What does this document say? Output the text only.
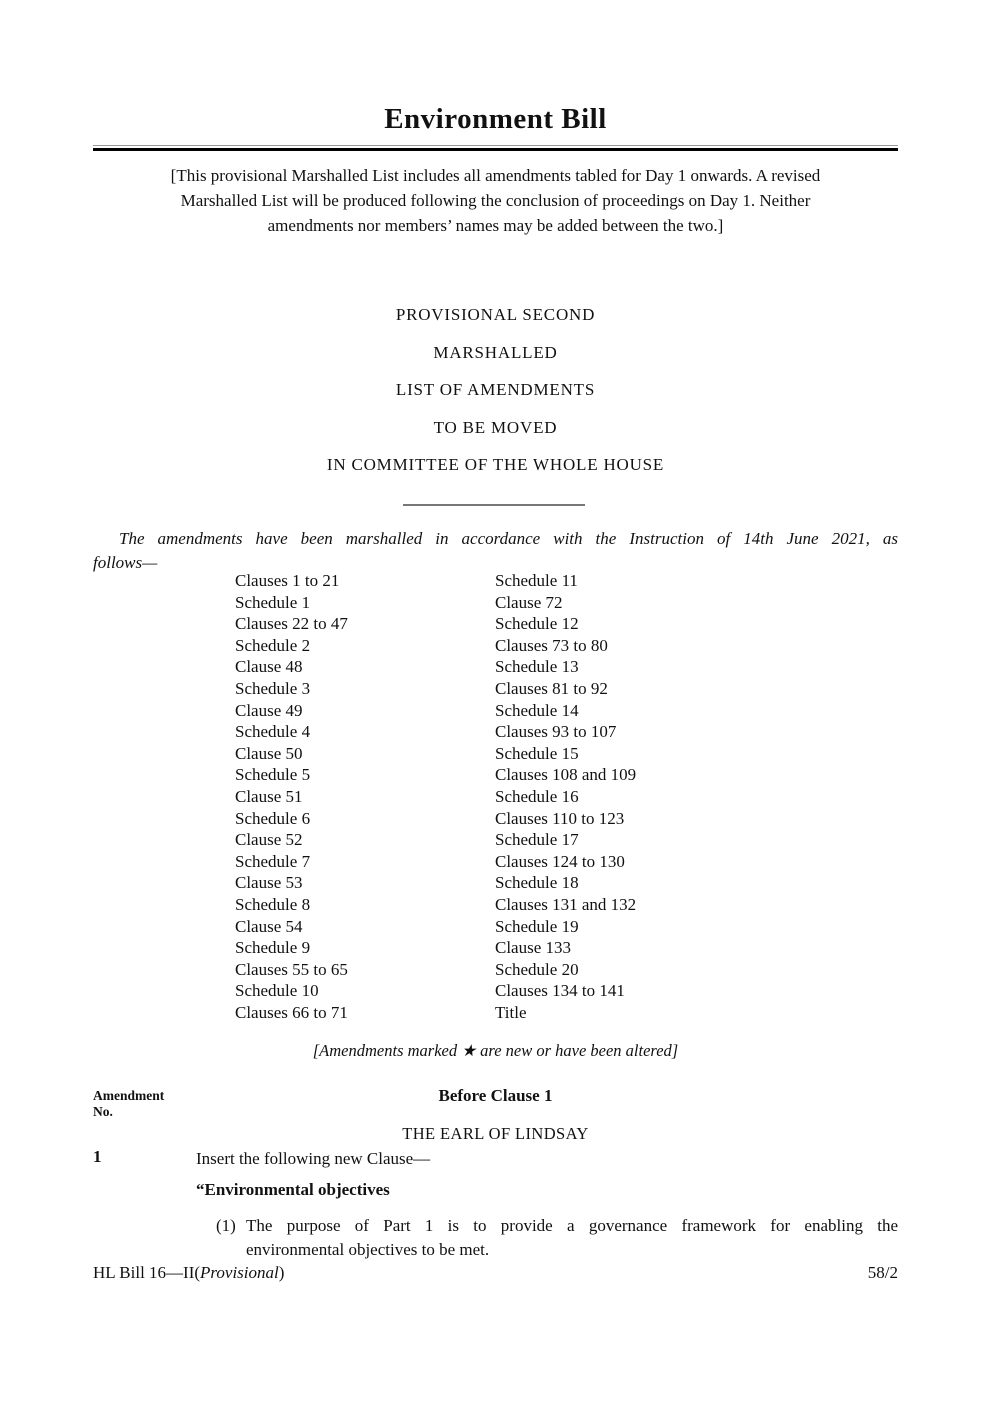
Environment Bill
[This provisional Marshalled List includes all amendments tabled for Day 1 onwards. A revised
Marshalled List will be produced following the conclusion of proceedings on Day 1. Neither
amendments nor members’ names may be added between the two.]
PROVISIONAL SECOND
MARSHALLED
LIST OF AMENDMENTS
TO BE MOVED
IN COMMITTEE OF THE WHOLE HOUSE
The amendments have been marshalled in accordance with the Instruction of 14th June 2021, as
follows—
Clauses 1 to 21
Schedule 1
Clauses 22 to 47
Schedule 2
Clause 48
Schedule 3
Clause 49
Schedule 4
Clause 50
Schedule 5
Clause 51
Schedule 6
Clause 52
Schedule 7
Clause 53
Schedule 8
Clause 54
Schedule 9
Clauses 55 to 65
Schedule 10
Clauses 66 to 71
Schedule 11
Clause 72
Schedule 12
Clauses 73 to 80
Schedule 13
Clauses 81 to 92
Schedule 14
Clauses 93 to 107
Schedule 15
Clauses 108 and 109
Schedule 16
Clauses 110 to 123
Schedule 17
Clauses 124 to 130
Schedule 18
Clauses 131 and 132
Schedule 19
Clause 133
Schedule 20
Clauses 134 to 141
Title
[Amendments marked ★ are new or have been altered]
Amendment
No.
Before Clause 1
THE EARL OF LINDSAY
1	Insert the following new Clause—
“Environmental objectives
(1) The purpose of Part 1 is to provide a governance framework for enabling the
environmental objectives to be met.
HL Bill 16—II(Provisional)	58/2
